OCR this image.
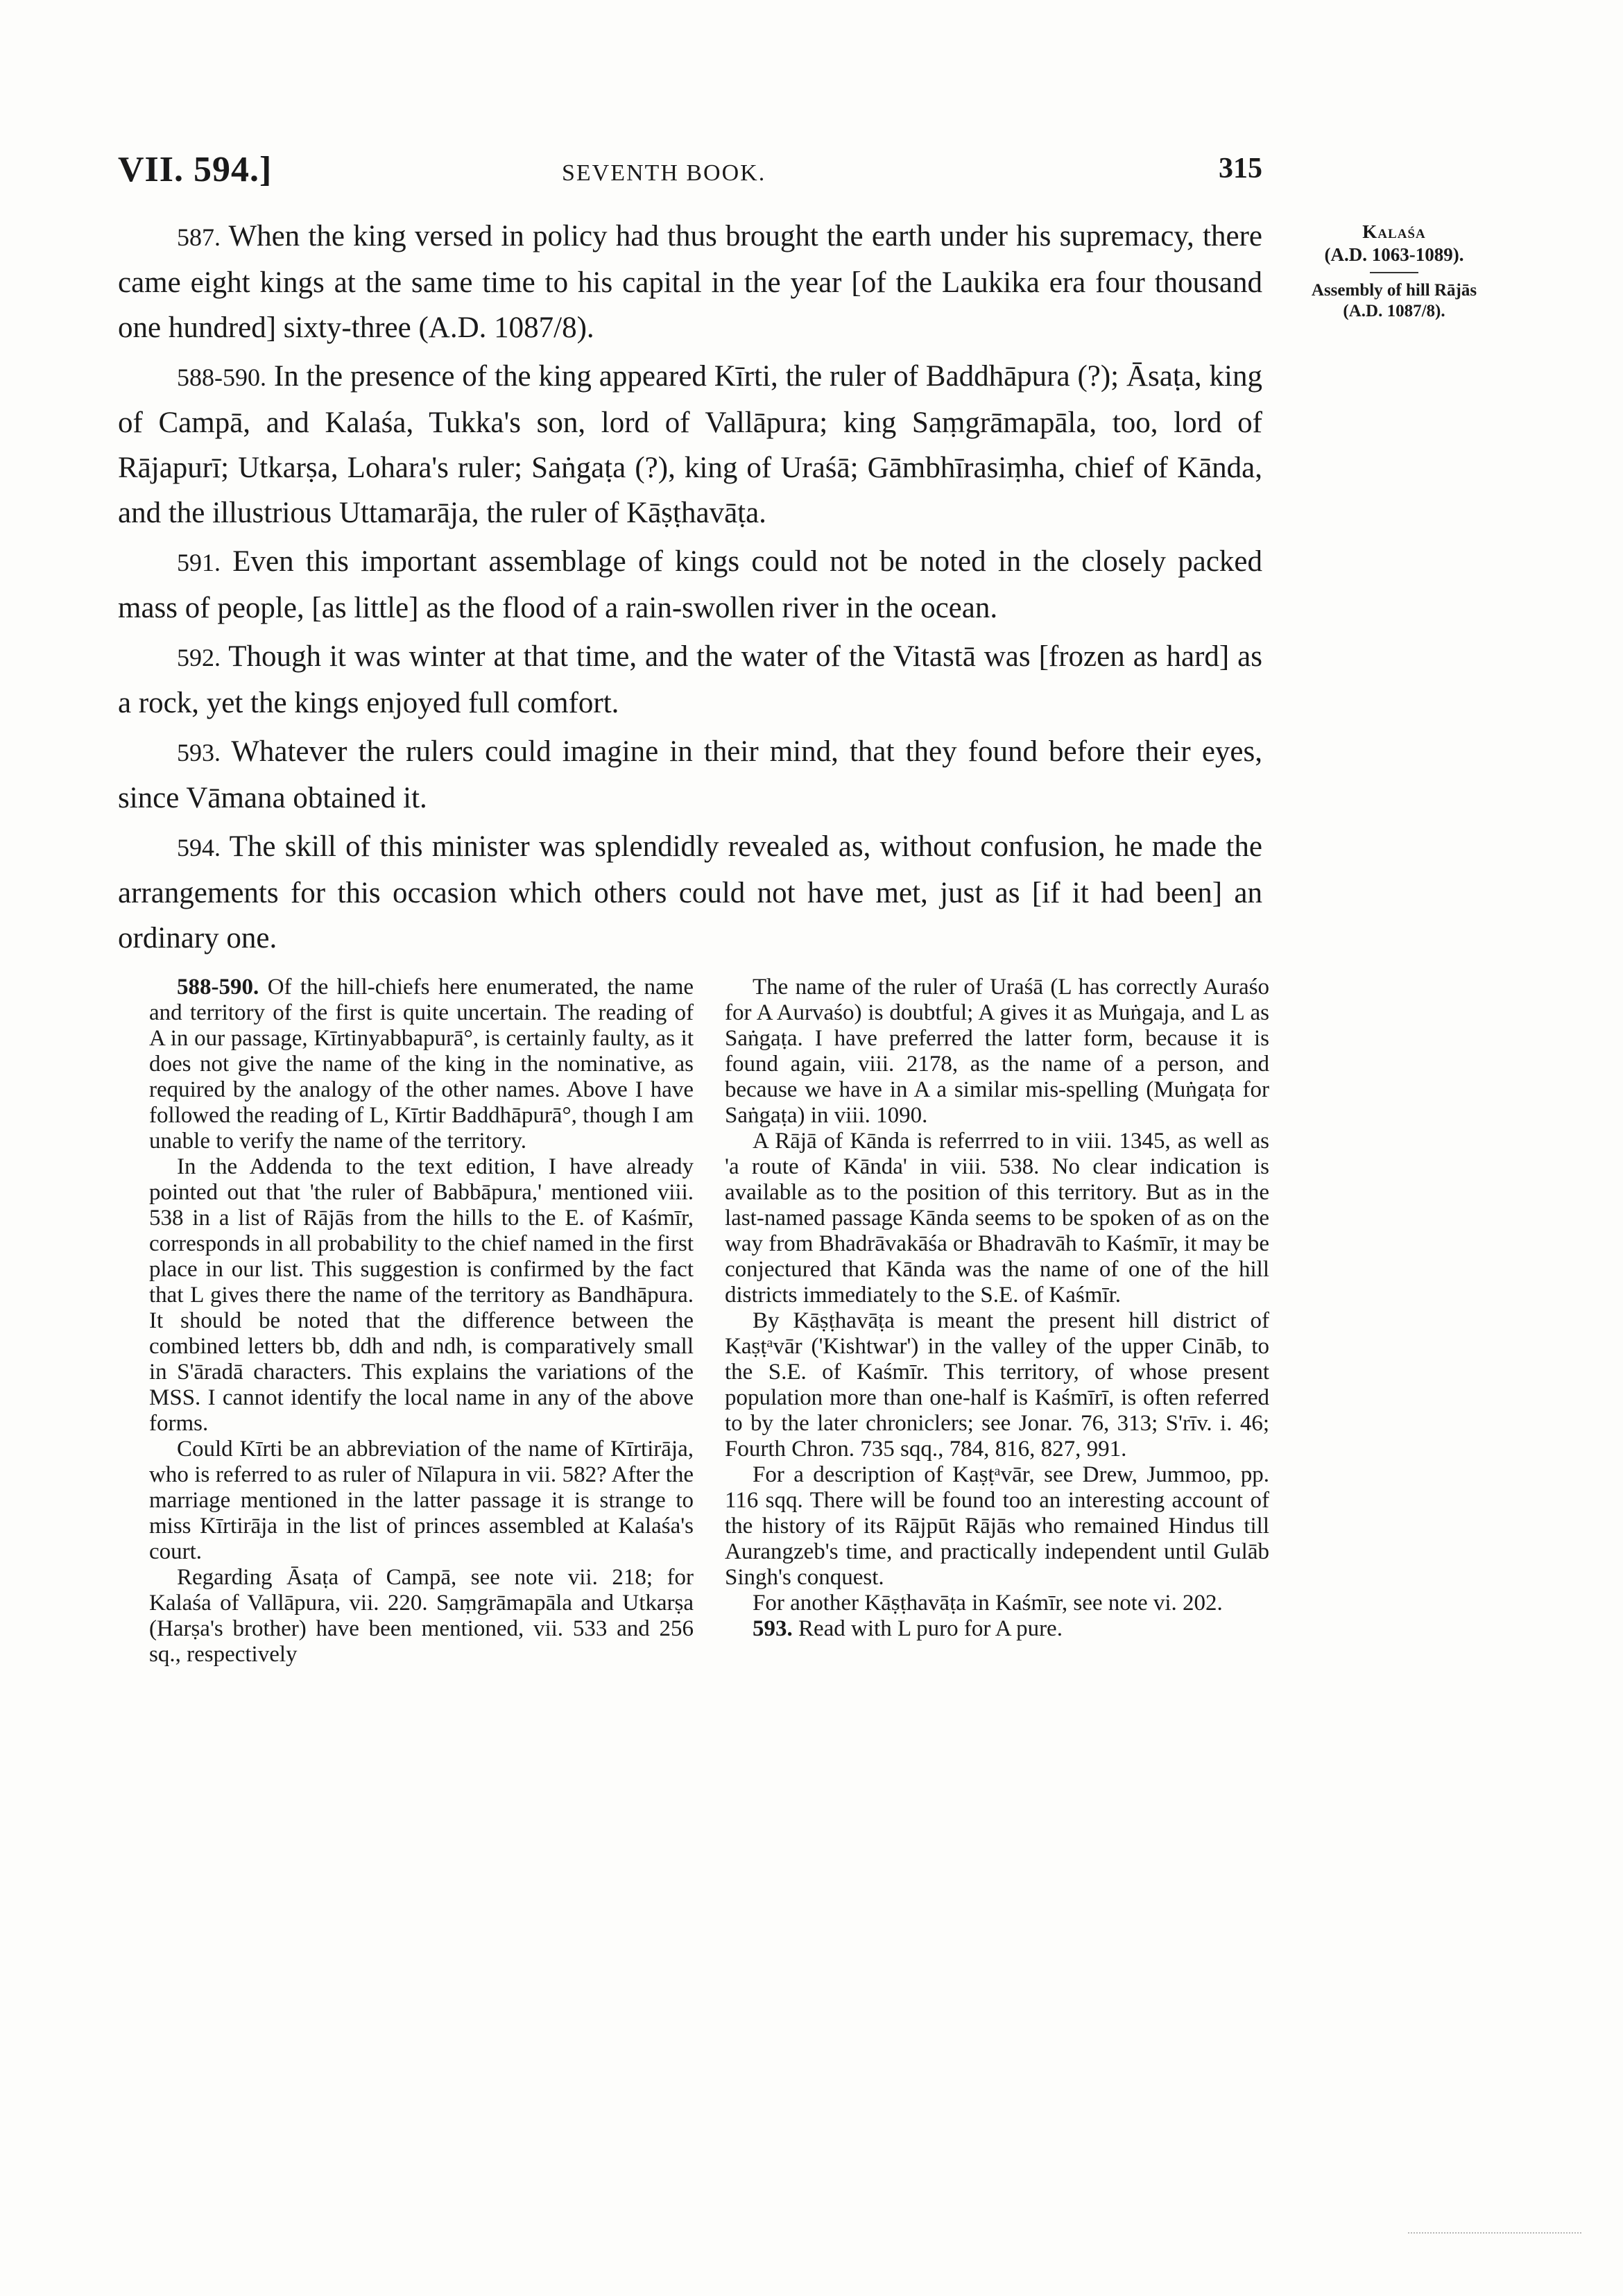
VII. 594.]	SEVENTH BOOK.	315
Kalaśa
(A.D. 1063-1089).
Assembly of hill Rājās
(A.D. 1087/8).

587. When the king versed in policy had thus brought the earth under his supremacy, there came eight kings at the same time to his capital in the year [of the Laukika era four thousand one hundred] sixty-three (A.D. 1087/8).

588-590. In the presence of the king appeared Kīrti, the ruler of Baddhāpura (?); Āsaṭa, king of Campā, and Kalaśa, Tukka's son, lord of Vallāpura; king Saṃgrāmapāla, too, lord of Rājapurī; Utkarṣa, Lohara's ruler; Saṅgaṭa (?), king of Uraśā; Gāmbhīrasiṃha, chief of Kānda, and the illustrious Uttamarāja, the ruler of Kāṣṭhavāṭa.

591. Even this important assemblage of kings could not be noted in the closely packed mass of people, [as little] as the flood of a rain-swollen river in the ocean.

592. Though it was winter at that time, and the water of the Vitastā was [frozen as hard] as a rock, yet the kings enjoyed full comfort.

593. Whatever the rulers could imagine in their mind, that they found before their eyes, since Vāmana obtained it.

594. The skill of this minister was splendidly revealed as, without confusion, he made the arrangements for this occasion which others could not have met, just as [if it had been] an ordinary one.

588-590. Of the hill-chiefs here enumerated, the name and territory of the first is quite uncertain. The reading of A in our passage, Kīrtinyabbapurā°, is certainly faulty, as it does not give the name of the king in the nominative, as required by the analogy of the other names. Above I have followed the reading of L, Kīrtir Baddhāpurā°, though I am unable to verify the name of the territory.

In the Addenda to the text edition, I have already pointed out that 'the ruler of Babbāpura,' mentioned viii. 538 in a list of Rājās from the hills to the E. of Kaśmīr, corresponds in all probability to the chief named in the first place in our list. This suggestion is confirmed by the fact that L gives there the name of the territory as Bandhāpura. It should be noted that the difference between the combined letters bb, ddh and ndh, is comparatively small in S'āradā characters. This explains the variations of the MSS. I cannot identify the local name in any of the above forms.

Could Kīrti be an abbreviation of the name of Kīrtirāja, who is referred to as ruler of Nīlapura in vii. 582? After the marriage mentioned in the latter passage it is strange to miss Kīrtirāja in the list of princes assembled at Kalaśa's court.

Regarding Āsaṭa of Campā, see note vii. 218; for Kalaśa of Vallāpura, vii. 220. Saṃgrāmapāla and Utkarṣa (Harṣa's brother) have been mentioned, vii. 533 and 256 sq., respectively

The name of the ruler of Uraśā (L has correctly Auraśo for A Aurvaśo) is doubtful; A gives it as Muṅgaja, and L as Saṅgaṭa. I have preferred the latter form, because it is found again, viii. 2178, as the name of a person, and because we have in A a similar mis-spelling (Muṅgaṭa for Saṅgaṭa) in viii. 1090.

A Rājā of Kānda is referrred to in viii. 1345, as well as 'a route of Kānda' in viii. 538. No clear indication is available as to the position of this territory. But as in the last-named passage Kānda seems to be spoken of as on the way from Bhadrāvakāśa or Bhadravāh to Kaśmīr, it may be conjectured that Kānda was the name of one of the hill districts immediately to the S.E. of Kaśmīr.

By Kāṣṭhavāṭa is meant the present hill district of Kaṣṭᵃvār ('Kishtwar') in the valley of the upper Cināb, to the S.E. of Kaśmīr. This territory, of whose present population more than one-half is Kaśmīrī, is often referred to by the later chroniclers; see Jonar. 76, 313; S'rīv. i. 46; Fourth Chron. 735 sqq., 784, 816, 827, 991.

For a description of Kaṣṭᵃvār, see Drew, Jummoo, pp. 116 sqq. There will be found too an interesting account of the history of its Rājpūt Rājās who remained Hindus till Aurangzeb's time, and practically independent until Gulāb Singh's conquest.

For another Kāṣṭhavāṭa in Kaśmīr, see note vi. 202.

593. Read with L puro for A pure.
